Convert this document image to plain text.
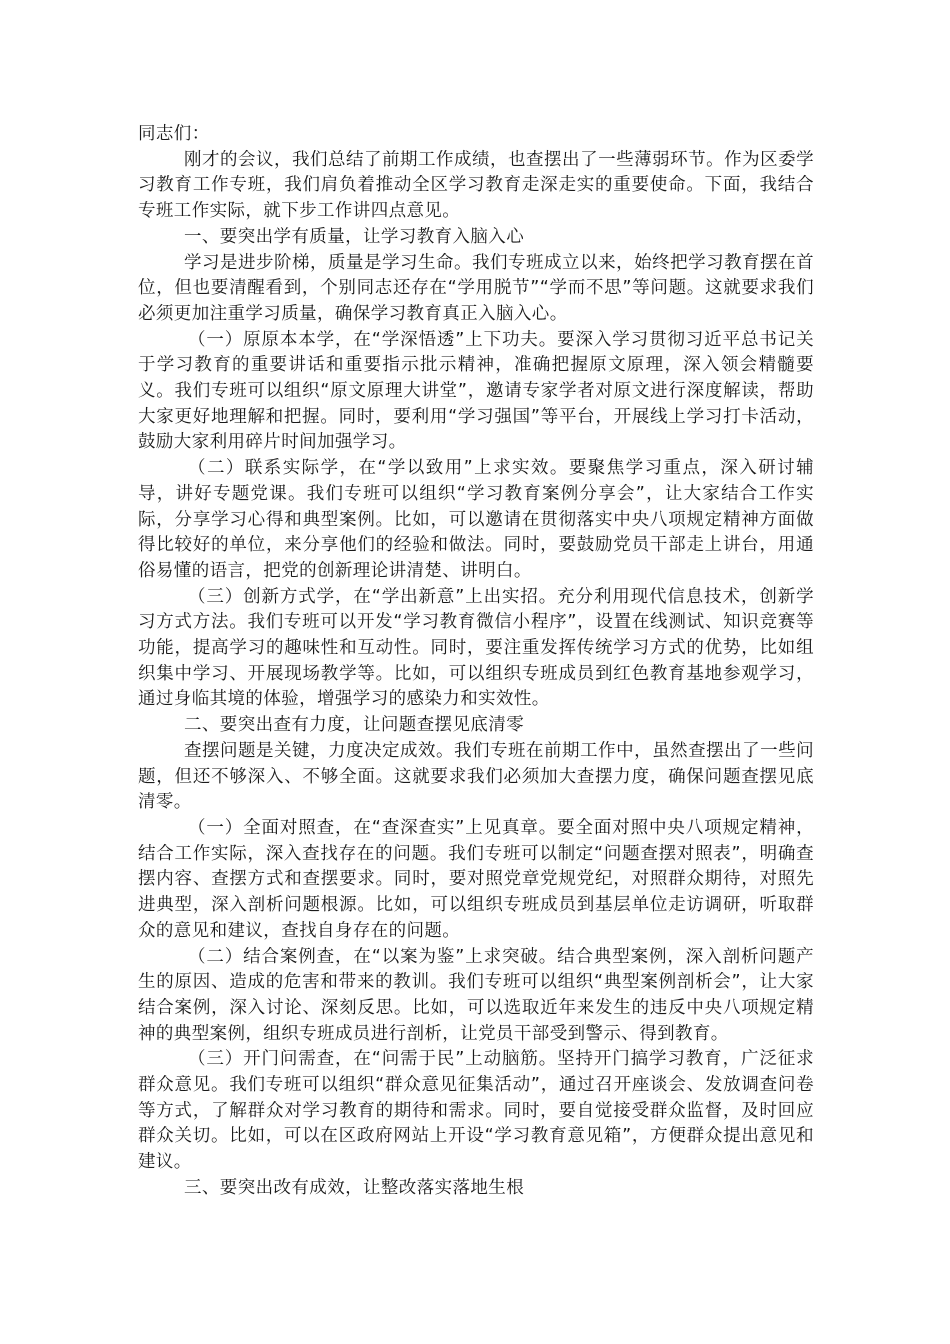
同志们：

刚才的会议，我们总结了前期工作成绩，也查摆出了一些薄弱环节。作为区委学习教育工作专班，我们肩负着推动全区学习教育走深走实的重要使命。下面，我结合专班工作实际，就下步工作讲四点意见。

一、要突出学有质量，让学习教育入脑入心

学习是进步阶梯，质量是学习生命。我们专班成立以来，始终把学习教育摆在首位，但也要清醒看到，个别同志还存在“学用脱节”“学而不思”等问题。这就要求我们必须更加注重学习质量，确保学习教育真正入脑入心。

（一）原原本本学，在“学深悟透”上下功夫。要深入学习贯彻习近平总书记关于学习教育的重要讲话和重要指示批示精神，准确把握原文原理，深入领会精髓要义。我们专班可以组织“原文原理大讲堂”，邀请专家学者对原文进行深度解读，帮助大家更好地理解和把握。同时，要利用“学习强国”等平台，开展线上学习打卡活动，鼓励大家利用碎片时间加强学习。

（二）联系实际学，在“学以致用”上求实效。要聚焦学习重点，深入研讨辅导，讲好专题党课。我们专班可以组织“学习教育案例分享会”，让大家结合工作实际，分享学习心得和典型案例。比如，可以邀请在贯彻落实中央八项规定精神方面做得比较好的单位，来分享他们的经验和做法。同时，要鼓励党员干部走上讲台，用通俗易懂的语言，把党的创新理论讲清楚、讲明白。

（三）创新方式学，在“学出新意”上出实招。充分利用现代信息技术，创新学习方式方法。我们专班可以开发“学习教育微信小程序”，设置在线测试、知识竞赛等功能，提高学习的趣味性和互动性。同时，要注重发挥传统学习方式的优势，比如组织集中学习、开展现场教学等。比如，可以组织专班成员到红色教育基地参观学习，通过身临其境的体验，增强学习的感染力和实效性。

二、要突出查有力度，让问题查摆见底清零

查摆问题是关键，力度决定成效。我们专班在前期工作中，虽然查摆出了一些问题，但还不够深入、不够全面。这就要求我们必须加大查摆力度，确保问题查摆见底清零。

（一）全面对照查，在“查深查实”上见真章。要全面对照中央八项规定精神，结合工作实际，深入查找存在的问题。我们专班可以制定“问题查摆对照表”，明确查摆内容、查摆方式和查摆要求。同时，要对照党章党规党纪，对照群众期待，对照先进典型，深入剖析问题根源。比如，可以组织专班成员到基层单位走访调研，听取群众的意见和建议，查找自身存在的问题。

（二）结合案例查，在“以案为鉴”上求突破。结合典型案例，深入剖析问题产生的原因、造成的危害和带来的教训。我们专班可以组织“典型案例剖析会”，让大家结合案例，深入讨论、深刻反思。比如，可以选取近年来发生的违反中央八项规定精神的典型案例，组织专班成员进行剖析，让党员干部受到警示、得到教育。

（三）开门问需查，在“问需于民”上动脑筋。坚持开门搞学习教育，广泛征求群众意见。我们专班可以组织“群众意见征集活动”，通过召开座谈会、发放调查问卷等方式，了解群众对学习教育的期待和需求。同时，要自觉接受群众监督，及时回应群众关切。比如，可以在区政府网站上开设“学习教育意见箱”，方便群众提出意见和建议。

三、要突出改有成效，让整改落实落地生根
